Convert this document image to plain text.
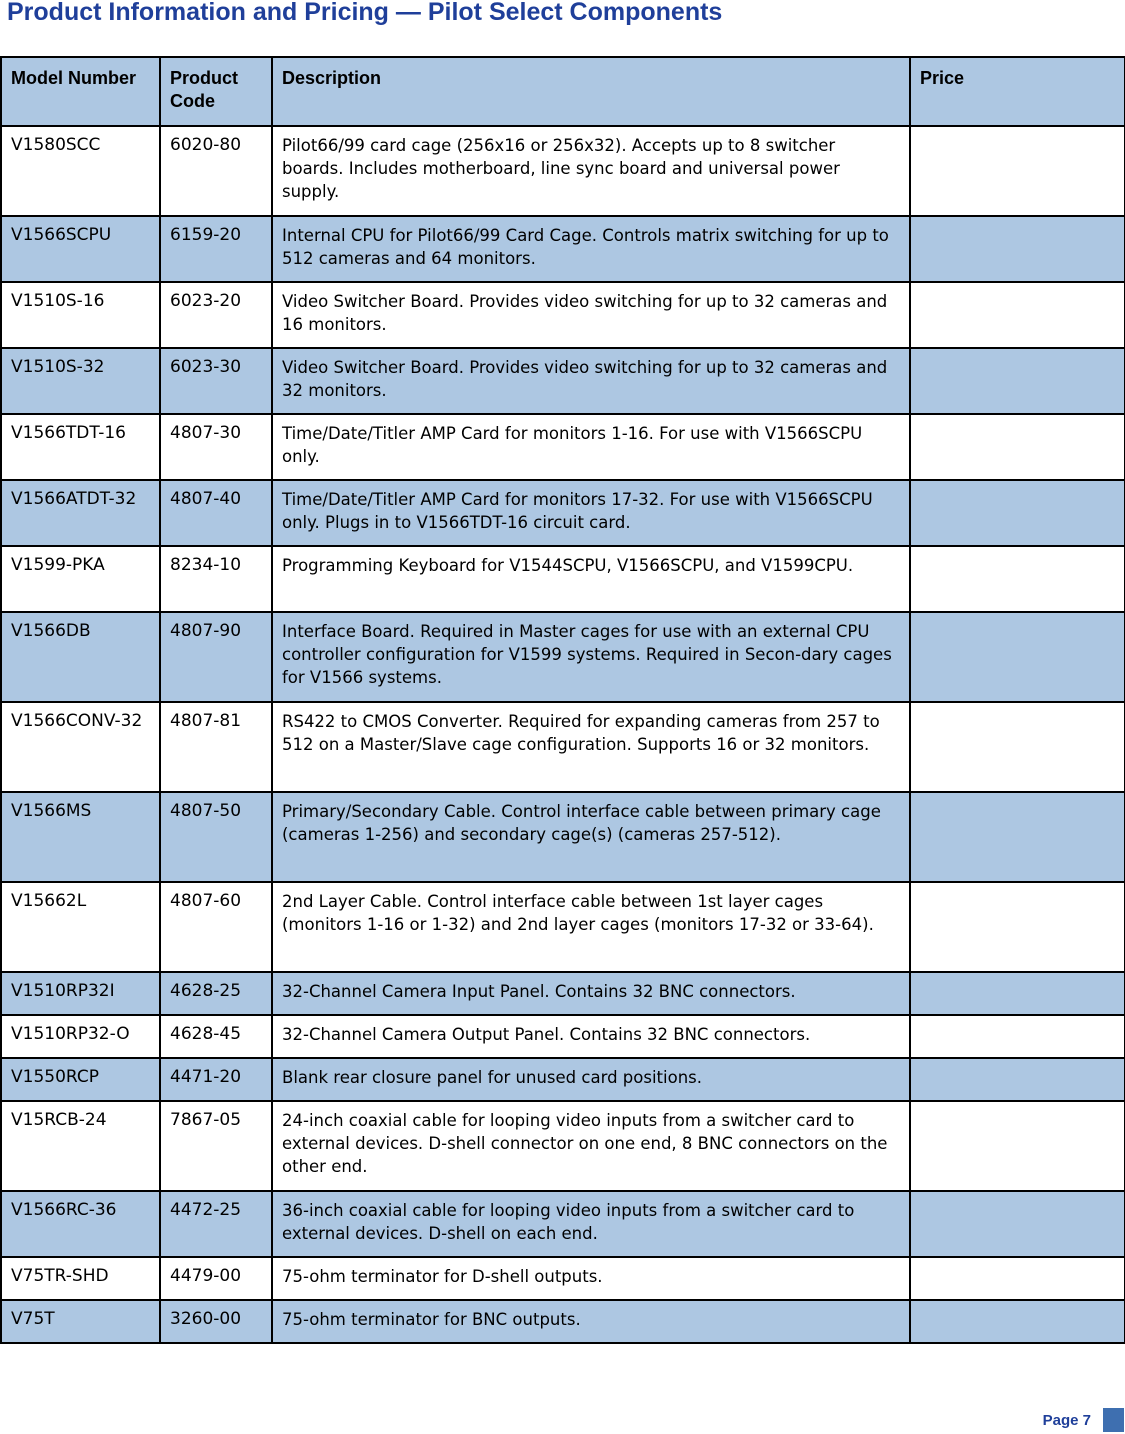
Product Information and Pricing — Pilot Select Components
Model Number	Product Code	Description	Price
V1580SCC	6020-80	Pilot66/99 card cage (256x16 or 256x32). Accepts up to 8 switcher boards. Includes motherboard, line sync board and universal power supply.	
V1566SCPU	6159-20	Internal CPU for Pilot66/99 Card Cage. Controls matrix switching for up to 512 cameras and 64 monitors.	
V1510S-16	6023-20	Video Switcher Board. Provides video switching for up to 32 cameras and 16 monitors.	
V1510S-32	6023-30	Video Switcher Board. Provides video switching for up to 32 cameras and 32 monitors.	
V1566TDT-16	4807-30	Time/Date/Titler AMP Card for monitors 1-16. For use with V1566SCPU only.	
V1566ATDT-32	4807-40	Time/Date/Titler AMP Card for monitors 17-32. For use with V1566SCPU only. Plugs in to V1566TDT-16 circuit card.	
V1599-PKA	8234-10	Programming Keyboard for V1544SCPU, V1566SCPU, and V1599CPU.	
V1566DB	4807-90	Interface Board. Required in Master cages for use with an external CPU controller configuration for V1599 systems. Required in Secon-dary cages for V1566 systems.	
V1566CONV-32	4807-81	RS422 to CMOS Converter. Required for expanding cameras from 257 to 512 on a Master/Slave cage configuration. Supports 16 or 32 monitors.	
V1566MS	4807-50	Primary/Secondary Cable. Control interface cable between primary cage (cameras 1-256) and secondary cage(s) (cameras 257-512).	
V15662L	4807-60	2nd Layer Cable. Control interface cable between 1st layer cages (monitors 1-16 or 1-32) and 2nd layer cages (monitors 17-32 or 33-64).	
V1510RP32I	4628-25	32-Channel Camera Input Panel. Contains 32 BNC connectors.	
V1510RP32-O	4628-45	32-Channel Camera Output Panel. Contains 32 BNC connectors.	
V1550RCP	4471-20	Blank rear closure panel for unused card positions.	
V15RCB-24	7867-05	24-inch coaxial cable for looping video inputs from a switcher card to external devices. D-shell connector on one end, 8 BNC connectors on the other end.	
V1566RC-36	4472-25	36-inch coaxial cable for looping video inputs from a switcher card to external devices. D-shell on each end.	
V75TR-SHD	4479-00	75-ohm terminator for D-shell outputs.	
V75T	3260-00	75-ohm terminator for BNC outputs.	
Page 7
